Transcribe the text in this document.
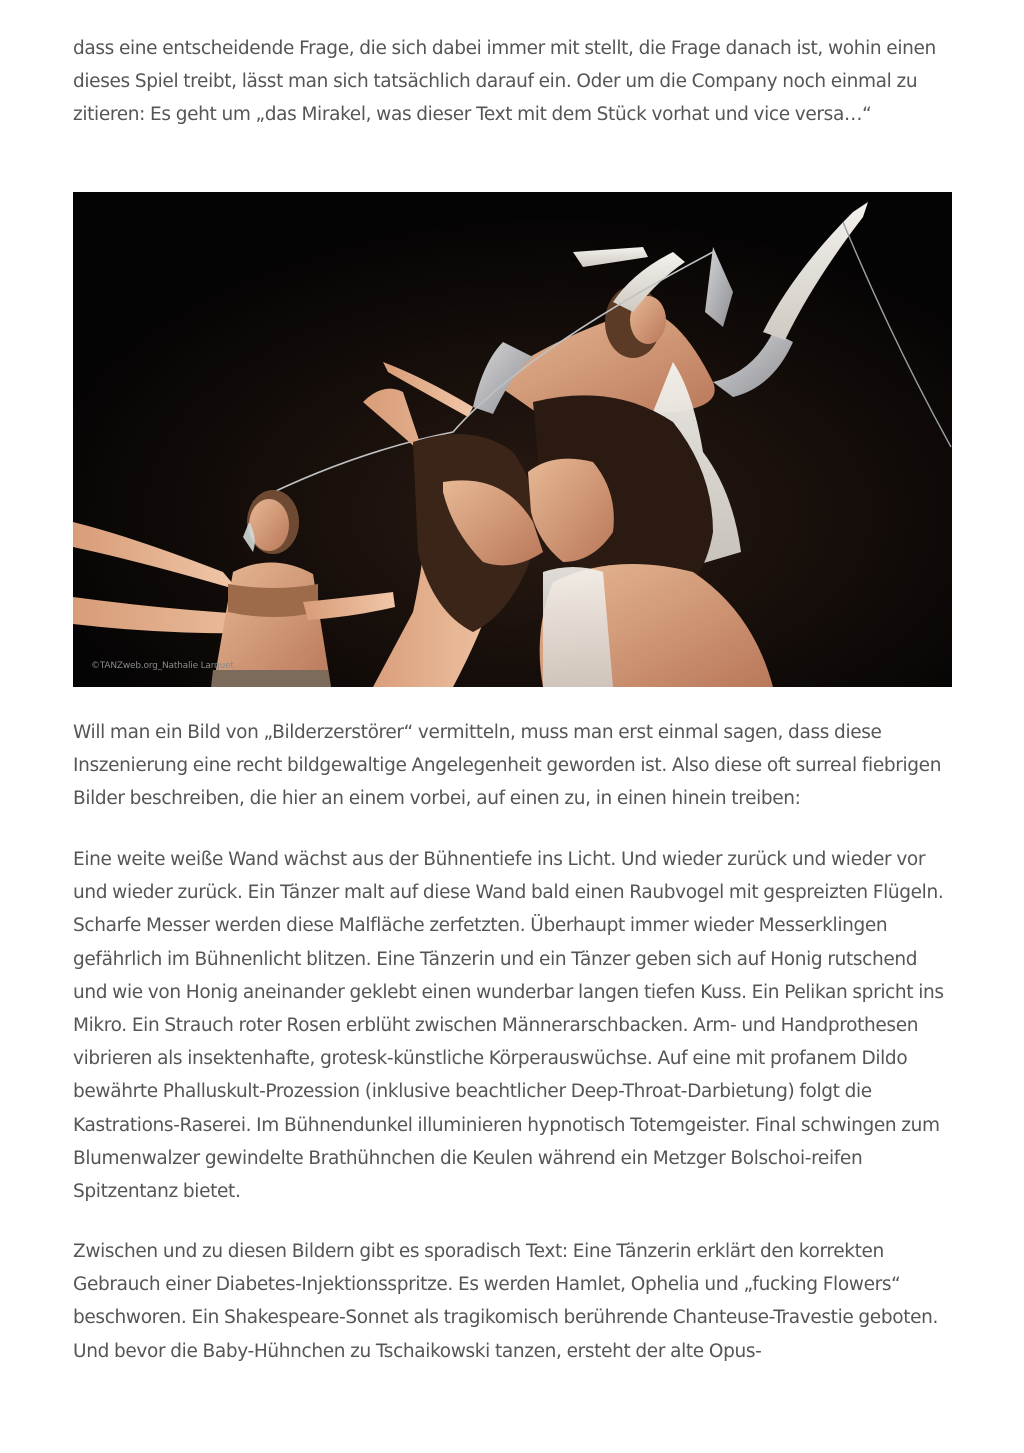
dass eine entscheidende Frage, die sich dabei immer mit stellt, die Frage danach ist, wohin einen dieses Spiel treibt, lässt man sich tatsächlich darauf ein. Oder um die Company noch einmal zu zitieren: Es geht um „das Mirakel, was dieser Text mit dem Stück vorhat und vice versa…“

©TANZweb.org_Nathalie Larquet

Will man ein Bild von „Bilderzerstörer“ vermitteln, muss man erst einmal sagen, dass diese Inszenierung eine recht bildgewaltige Angelegenheit geworden ist. Also diese oft surreal fiebrigen Bilder beschreiben, die hier an einem vorbei, auf einen zu, in einen hinein treiben:

Eine weite weiße Wand wächst aus der Bühnentiefe ins Licht. Und wieder zurück und wieder vor und wieder zurück. Ein Tänzer malt auf diese Wand bald einen Raubvogel mit gespreizten Flügeln. Scharfe Messer werden diese Malfläche zerfetzten. Überhaupt immer wieder Messerklingen gefährlich im Bühnenlicht blitzen. Eine Tänzerin und ein Tänzer geben sich auf Honig rutschend und wie von Honig aneinander geklebt einen wunderbar langen tiefen Kuss. Ein Pelikan spricht ins Mikro. Ein Strauch roter Rosen erblüht zwischen Männerarschbacken. Arm- und Handprothesen vibrieren als insektenhafte, grotesk-künstliche Körperauswüchse. Auf eine mit profanem Dildo bewährte Phalluskult-Prozession (inklusive beachtlicher Deep-Throat-Darbietung) folgt die Kastrations-Raserei. Im Bühnendunkel illuminieren hypnotisch Totemgeister. Final schwingen zum Blumenwalzer gewindelte Brathühnchen die Keulen während ein Metzger Bolschoi-reifen Spitzentanz bietet.

Zwischen und zu diesen Bildern gibt es sporadisch Text: Eine Tänzerin erklärt den korrekten Gebrauch einer Diabetes-Injektionsspritze. Es werden Hamlet, Ophelia und „fucking Flowers“ beschworen. Ein Shakespeare-Sonnet als tragikomisch berührende Chanteuse-Travestie geboten. Und bevor die Baby-Hühnchen zu Tschaikowski tanzen, ersteht der alte Opus-
